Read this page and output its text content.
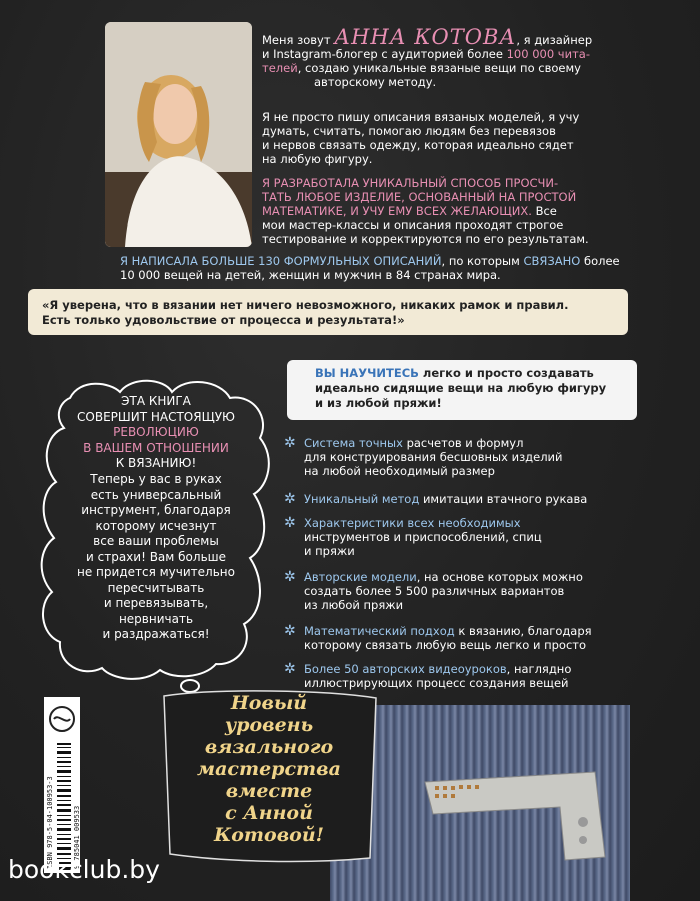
Меня зовут АННА КОТОВА, я дизайнер
и Instagram-блогер с аудиторией более 100 000 чита-
телей, создаю уникальные вязаные вещи по своему
авторскому методу.
Я не просто пишу описания вязаных моделей, я учу
думать, считать, помогаю людям без перевязов
и нервов связать одежду, которая идеально сядет
на любую фигуру.
Я РАЗРАБОТАЛА УНИКАЛЬНЫЙ СПОСОБ ПРОСЧИ-
ТАТЬ ЛЮБОЕ ИЗДЕЛИЕ, ОСНОВАННЫЙ НА ПРОСТОЙ
МАТЕМАТИКЕ, И УЧУ ЕМУ ВСЕХ ЖЕЛАЮЩИХ. Все
мои мастер-классы и описания проходят строгое
тестирование и корректируются по его результатам.
Я НАПИСАЛА БОЛЬШЕ 130 ФОРМУЛЬНЫХ ОПИСАНИЙ, по которым СВЯЗАНО более
10 000 вещей на детей, женщин и мужчин в 84 странах мира.
«Я уверена, что в вязании нет ничего невозможного, никаких рамок и правил.
Есть только удовольствие от процесса и результата!»
ЭТА КНИГА
СОВЕРШИТ НАСТОЯЩУЮ
РЕВОЛЮЦИЮ
В ВАШЕМ ОТНОШЕНИИ
К ВЯЗАНИЮ!
Теперь у вас в руках
есть универсальный
инструмент, благодаря
которому исчезнут
все ваши проблемы
и страхи! Вам больше
не придется мучительно
пересчитывать
и перевязывать,
нервничать
и раздражаться!
ВЫ НАУЧИТЕСЬ легко и просто создавать
идеально сидящие вещи на любую фигуру
и из любой пряжи!
✲ Система точных расчетов и формул
для конструирования бесшовных изделий
на любой необходимый размер
✲ Уникальный метод имитации втачного рукава
✲ Характеристики всех необходимых
инструментов и приспособлений, спиц
и пряжи
✲ Авторские модели, на основе которых можно
создать более 5 500 различных вариантов
из любой пряжи
✲ Математический подход к вязанию, благодаря
которому связать любую вещь легко и просто
✲ Более 50 авторских видеоуроков, наглядно
иллюстрирующих процесс создания вещей
Новый
уровень
вязального
мастерства
вместе
с Анной
Котовой!
ISBN 978-5-04-100953-3	9 785041 009533
bookclub.by
